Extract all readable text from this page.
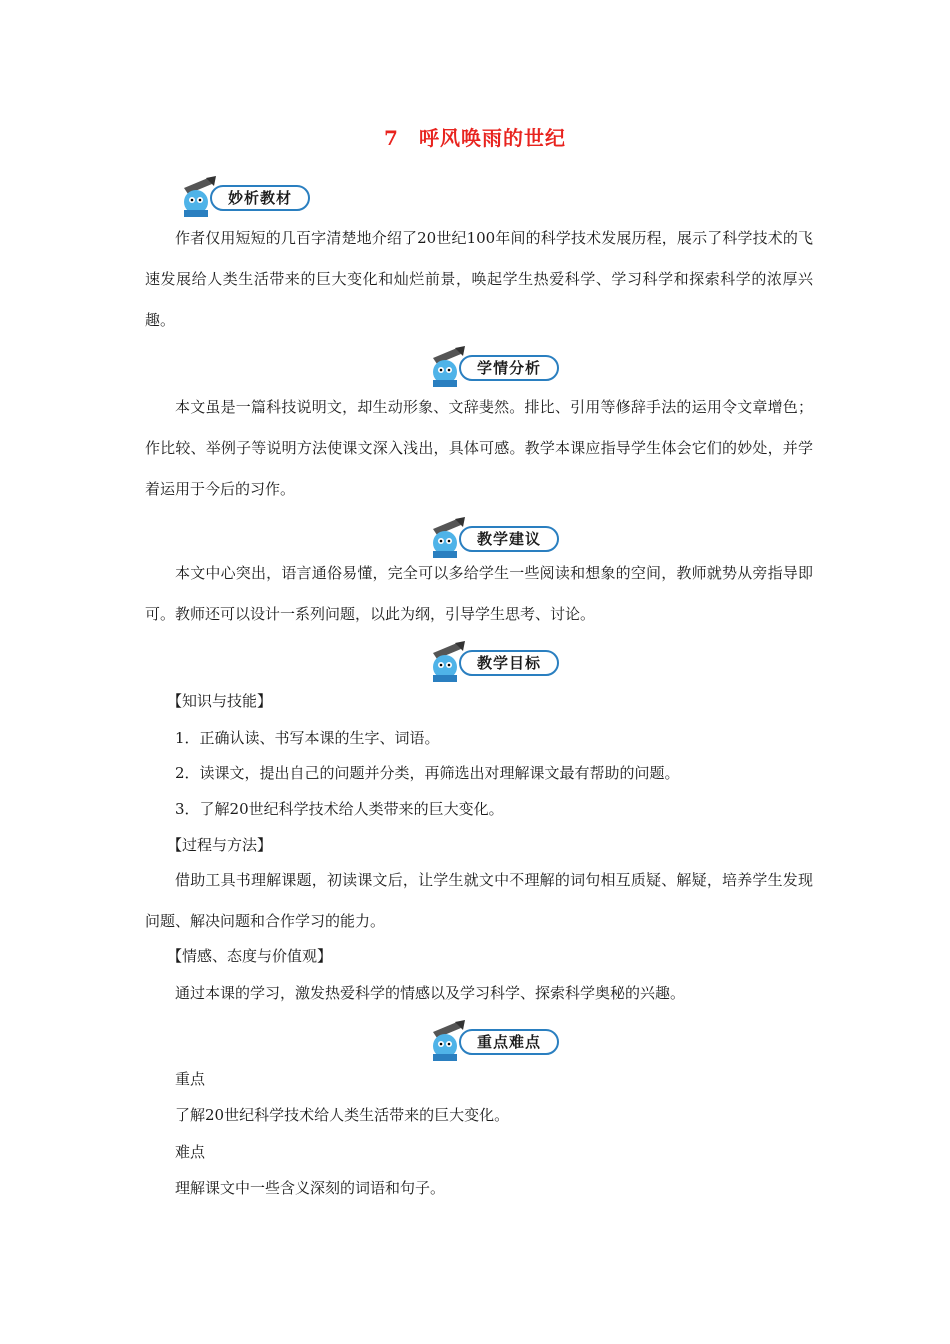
7 呼风唤雨的世纪
妙析教材

作者仅用短短的几百字清楚地介绍了20世纪100年间的科学技术发展历程，展示了科学技术的飞速发展给人类生活带来的巨大变化和灿烂前景，唤起学生热爱科学、学习科学和探索科学的浓厚兴趣。

学情分析

本文虽是一篇科技说明文，却生动形象、文辞斐然。排比、引用等修辞手法的运用令文章增色；作比较、举例子等说明方法使课文深入浅出，具体可感。教学本课应指导学生体会它们的妙处，并学着运用于今后的习作。

教学建议

本文中心突出，语言通俗易懂，完全可以多给学生一些阅读和想象的空间，教师就势从旁指导即可。教师还可以设计一系列问题，以此为纲，引导学生思考、讨论。

教学目标

【知识与技能】

1．正确认读、书写本课的生字、词语。

2．读课文，提出自己的问题并分类，再筛选出对理解课文最有帮助的问题。

3．了解20世纪科学技术给人类带来的巨大变化。

【过程与方法】

借助工具书理解课题，初读课文后，让学生就文中不理解的词句相互质疑、解疑，培养学生发现问题、解决问题和合作学习的能力。

【情感、态度与价值观】

通过本课的学习，激发热爱科学的情感以及学习科学、探索科学奥秘的兴趣。

重点难点

重点

了解20世纪科学技术给人类生活带来的巨大变化。

难点

理解课文中一些含义深刻的词语和句子。
